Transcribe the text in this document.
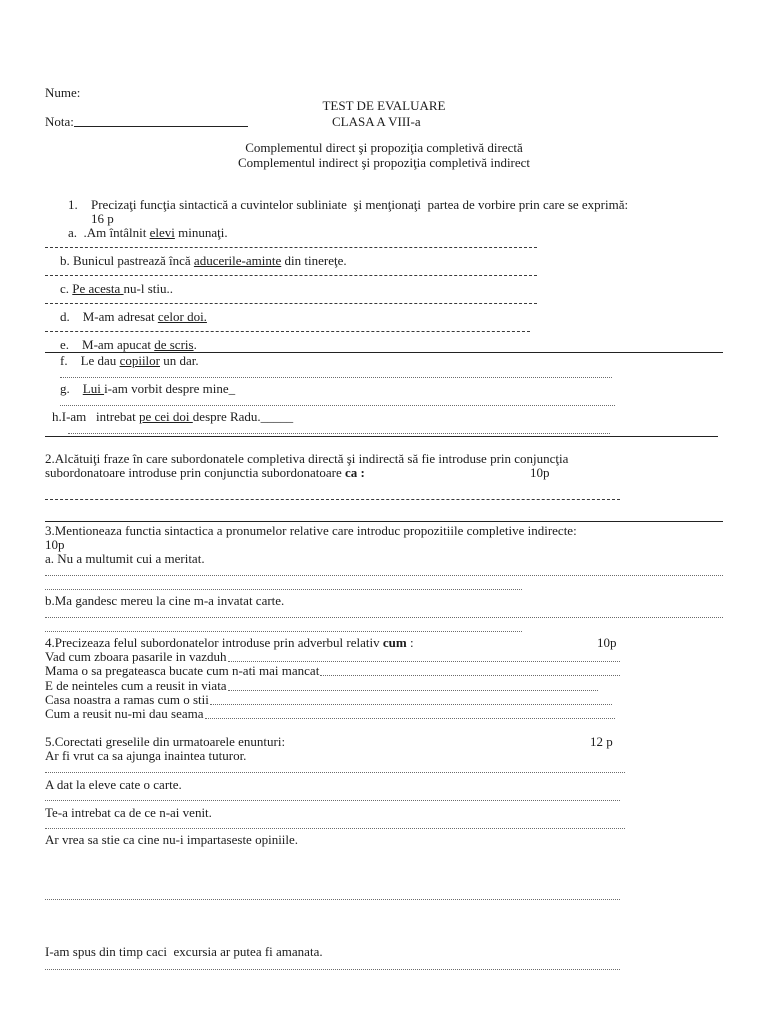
Nume:
TEST DE EVALUARE
Nota:	CLASA A VIII-a
Complementul direct şi propoziţia completivă directă
Complementul indirect şi propoziţia completivă indirect
1. Precizaţi funcţia sintactică a cuvintelor subliniate  şi menţionaţi  partea de vorbire prin care se exprimă:
16 p
a.  .Am întâlnit elevi minunaţi.
b. Bunicul pastrează încă aducerile-aminte din tinereţe.
c. Pe acesta nu-l stiu..
d.    M-am adresat celor doi.
e.    M-am apucat de scris.
f.    Le dau copiilor un dar.
g.    Lui i-am vorbit despre mine_
h.I-am   intrebat pe cei doi despre Radu._____
2.Alcătuiţi fraze în care subordonatele completiva directă şi indirectă să fie introduse prin conjuncţia
subordonatoare introduse prin conjunctia subordonatoare ca :	10p
3.Mentioneaza functia sintactica a pronumelor relative care introduc propozitiile completive indirecte:
10p
a. Nu a multumit cui a meritat.
b.Ma gandesc mereu la cine m-a invatat carte.
4.Precizeaza felul subordonatelor introduse prin adverbul relativ cum :	10p
Vad cum zboara pasarile in vazduh
Mama o sa pregateasca bucate cum n-ati mai mancat
E de neinteles cum a reusit in viata
Casa noastra a ramas cum o stii
Cum a reusit nu-mi dau seama
5.Corectati greselile din urmatoarele enunturi:	12 p
Ar fi vrut ca sa ajunga inaintea tuturor.
A dat la eleve cate o carte.
Te-a intrebat ca de ce n-ai venit.
Ar vrea sa stie ca cine nu-i impartaseste opiniile.
I-am spus din timp caci  excursia ar putea fi amanata.
